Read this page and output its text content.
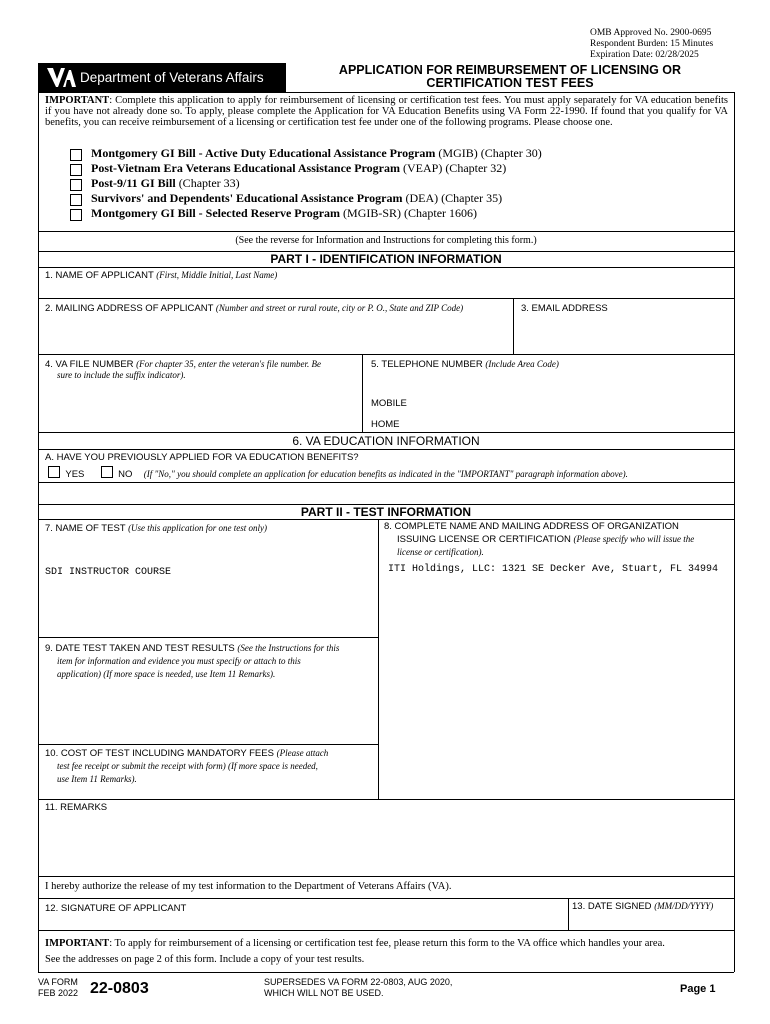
OMB Approved No. 2900-0695
Respondent Burden: 15 Minutes
Expiration Date: 02/28/2025
Department of Veterans Affairs	APPLICATION FOR REIMBURSEMENT OF LICENSING OR
CERTIFICATION TEST FEES
IMPORTANT: Complete this application to apply for reimbursement of licensing or certification test fees. You must apply separately for VA education benefits if you have not already done so. To apply, please complete the Application for VA Education Benefits using VA Form 22-1990. If found that you qualify for VA benefits, you can receive reimbursement of a licensing or certification test fee under one of the following programs. Please choose one.
Montgomery GI Bill - Active Duty Educational Assistance Program (MGIB) (Chapter 30)
Post-Vietnam Era Veterans Educational Assistance Program (VEAP) (Chapter 32)
Post-9/11 GI Bill (Chapter 33)
Survivors' and Dependents' Educational Assistance Program (DEA) (Chapter 35)
Montgomery GI Bill - Selected Reserve Program (MGIB-SR) (Chapter 1606)
(See the reverse for Information and Instructions for completing this form.)
PART I - IDENTIFICATION INFORMATION
1. NAME OF APPLICANT (First, Middle Initial, Last Name)
2. MAILING ADDRESS OF APPLICANT (Number and street or rural route, city or P. O., State and ZIP Code)	3. EMAIL ADDRESS
4. VA FILE NUMBER (For chapter 35, enter the veteran's file number. Be
sure to include the suffix indicator).
5. TELEPHONE NUMBER (Include Area Code)
MOBILE
HOME
6. VA EDUCATION INFORMATION
A. HAVE YOU PREVIOUSLY APPLIED FOR VA EDUCATION BENEFITS?
YES	NO (If "No," you should complete an application for education benefits as indicated in the "IMPORTANT" paragraph information above).
PART II - TEST INFORMATION
7. NAME OF TEST (Use this application for one test only)
SDI INSTRUCTOR COURSE
8. COMPLETE NAME AND MAILING ADDRESS OF ORGANIZATION
ISSUING LICENSE OR CERTIFICATION (Please specify who will issue the
license or certification).
ITI Holdings, LLC: 1321 SE Decker Ave, Stuart, FL 34994
9. DATE TEST TAKEN AND TEST RESULTS (See the Instructions for this
item for information and evidence you must specify or attach to this
application) (If more space is needed, use Item 11 Remarks).
10. COST OF TEST INCLUDING MANDATORY FEES (Please attach
test fee receipt or submit the receipt with form) (If more space is needed,
use Item 11 Remarks).
11. REMARKS
I hereby authorize the release of my test information to the Department of Veterans Affairs (VA).
12. SIGNATURE OF APPLICANT	13. DATE SIGNED (MM/DD/YYYY)
IMPORTANT: To apply for reimbursement of a licensing or certification test fee, please return this form to the VA office which handles your area.
See the addresses on page 2 of this form. Include a copy of your test results.
VA FORM
FEB 2022 22-0803	SUPERSEDES VA FORM 22-0803, AUG 2020,
WHICH WILL NOT BE USED.	Page 1
